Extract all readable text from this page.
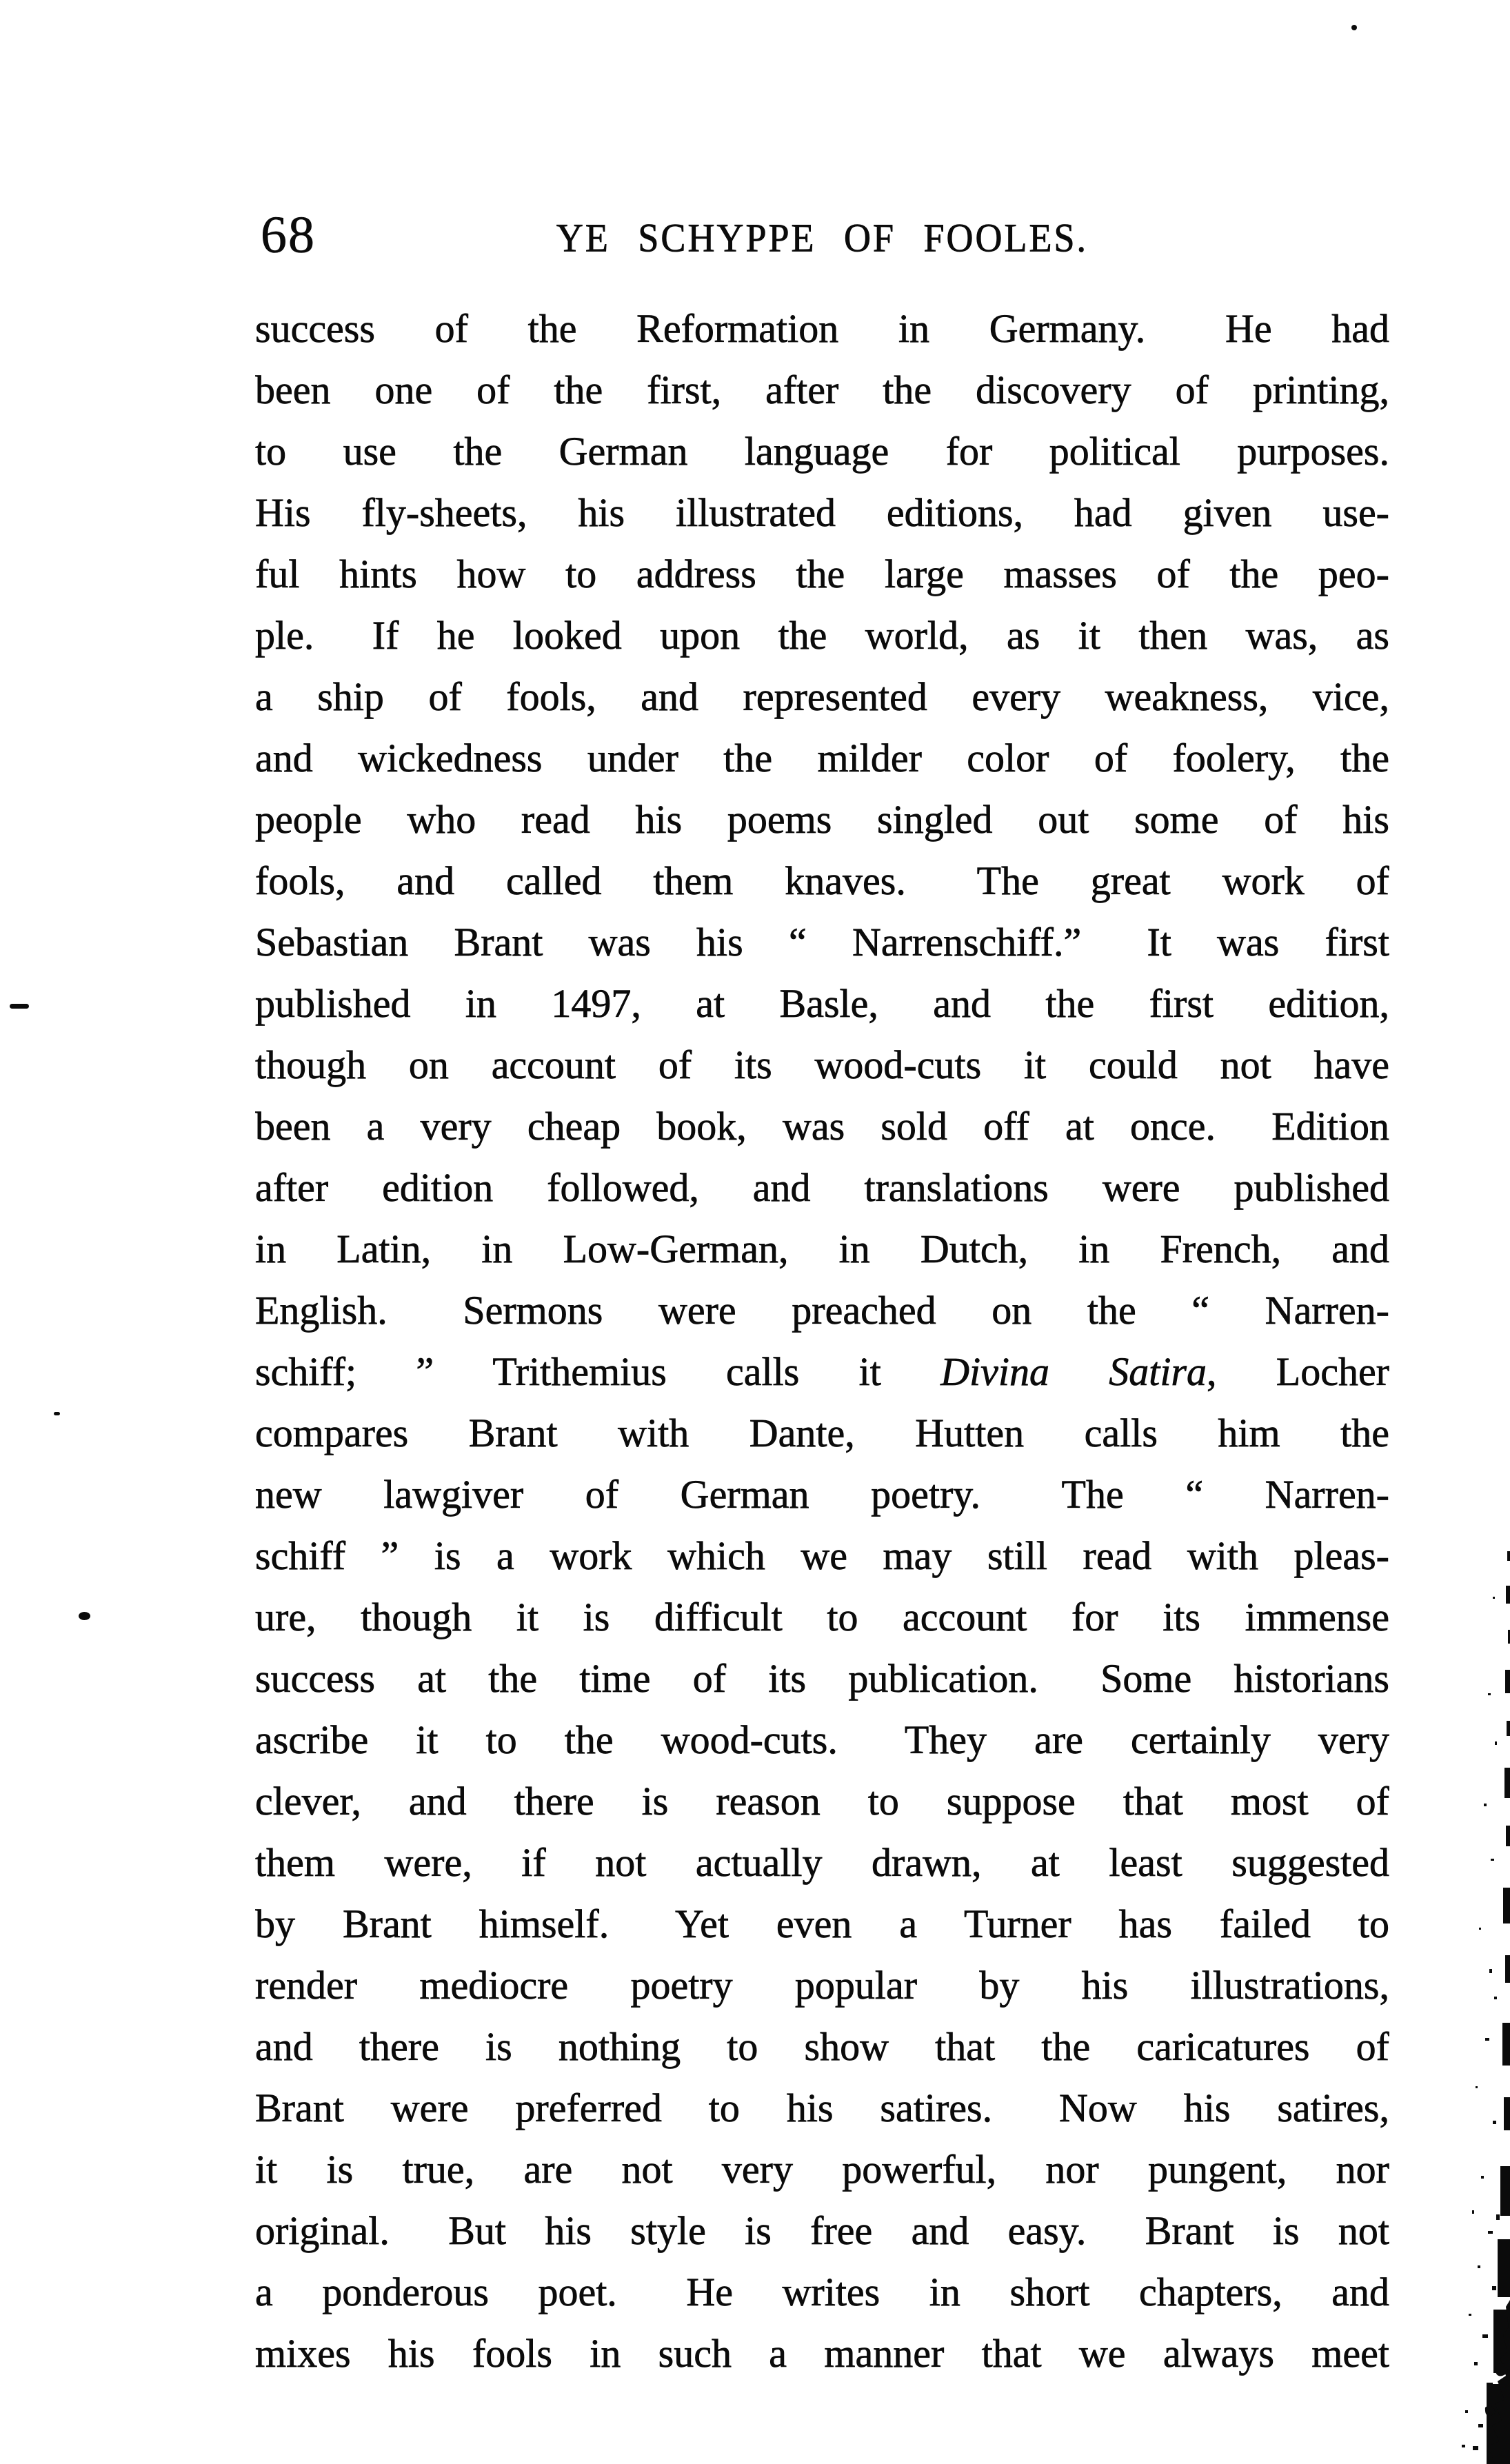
68	YE SCHYPPE OF FOOLES.
success of the Reformation in Germany.  He had
been one of the first, after the discovery of printing,
to use the German language for political purposes.
His fly-sheets, his illustrated editions, had given use-
ful hints how to address the large masses of the peo-
ple.  If he looked upon the world, as it then was, as
a ship of fools, and represented every weakness, vice,
and wickedness under the milder color of foolery, the
people who read his poems singled out some of his
fools, and called them knaves.  The great work of
Sebastian Brant was his “ Narrenschiff.”  It was first
published in 1497, at Basle, and the first edition,
though on account of its wood-cuts it could not have
been a very cheap book, was sold off at once.  Edition
after edition followed, and translations were published
in Latin, in Low-German, in Dutch, in French, and
English.  Sermons were preached on the “ Narren-
schiff; ” Trithemius calls it Divina Satira, Locher
compares Brant with Dante, Hutten calls him the
new lawgiver of German poetry.  The “ Narren-
schiff ” is a work which we may still read with pleas-
ure, though it is difficult to account for its immense
success at the time of its publication.  Some historians
ascribe it to the wood-cuts.  They are certainly very
clever, and there is reason to suppose that most of
them were, if not actually drawn, at least suggested
by Brant himself.  Yet even a Turner has failed to
render mediocre poetry popular by his illustrations,
and there is nothing to show that the caricatures of
Brant were preferred to his satires.  Now his satires,
it is true, are not very powerful, nor pungent, nor
original.  But his style is free and easy.  Brant is not
a ponderous poet.  He writes in short chapters, and
mixes his fools in such a manner that we always meet
